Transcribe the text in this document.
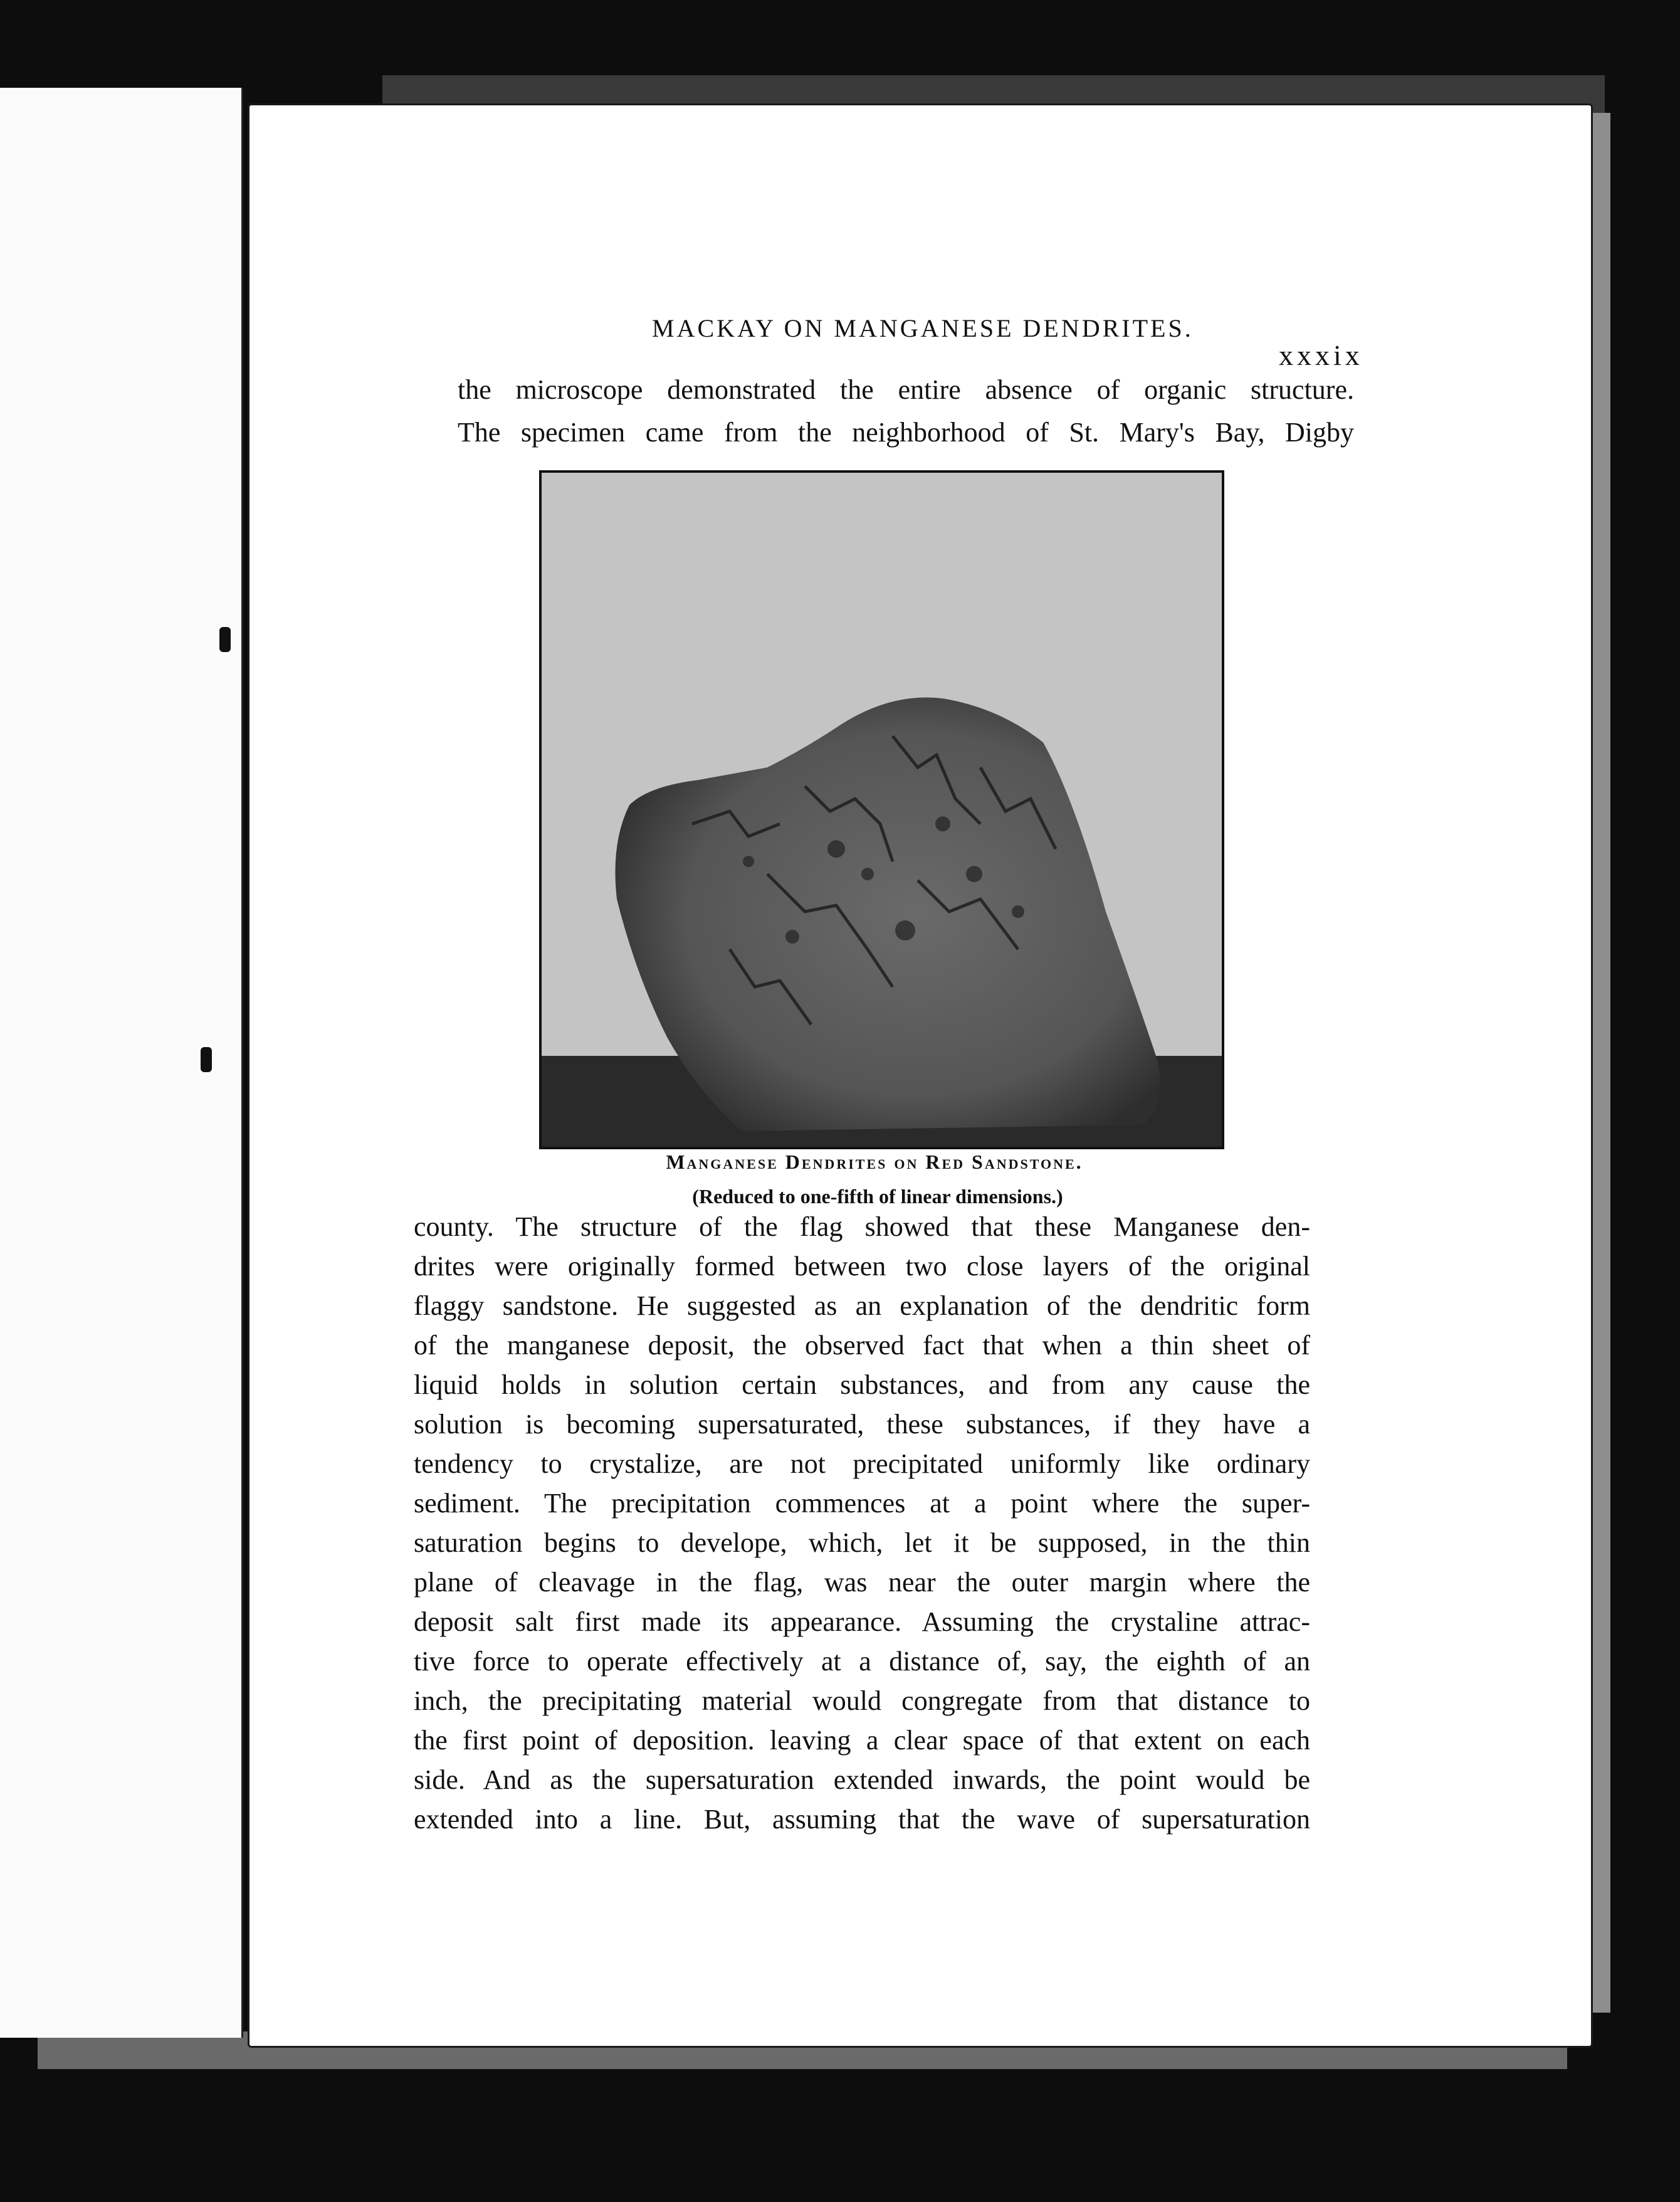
MACKAY ON MANGANESE DENDRITES.
xxxix
the microscope demonstrated the entire absence of organic structure.
The specimen came from the neighborhood of St. Mary's Bay, Digby
Manganese Dendrites on Red Sandstone.
(Reduced to one-fifth of linear dimensions.)
county. The structure of the flag showed that these Manganese den-
drites were originally formed between two close layers of the original
flaggy sandstone. He suggested as an explanation of the dendritic form
of the manganese deposit, the observed fact that when a thin sheet of
liquid holds in solution certain substances, and from any cause the
solution is becoming supersaturated, these substances, if they have a
tendency to crystalize, are not precipitated uniformly like ordinary
sediment. The precipitation commences at a point where the super-
saturation begins to develope, which, let it be supposed, in the thin
plane of cleavage in the flag, was near the outer margin where the
deposit salt first made its appearance. Assuming the crystaline attrac-
tive force to operate effectively at a distance of, say, the eighth of an
inch, the precipitating material would congregate from that distance to
the first point of deposition. leaving a clear space of that extent on each
side. And as the supersaturation extended inwards, the point would be
extended into a line. But, assuming that the wave of supersaturation
